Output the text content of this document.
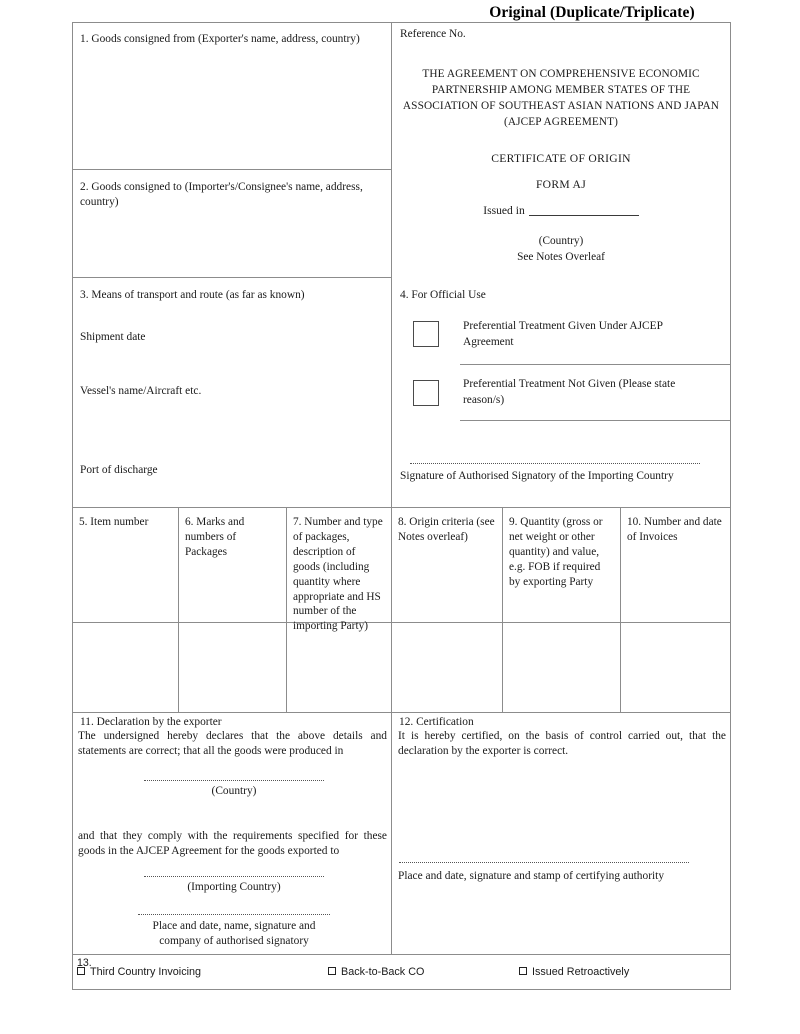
Original (Duplicate/Triplicate)
1. Goods consigned from (Exporter's name, address, country)
2. Goods consigned to (Importer's/Consignee's name, address, country)
3. Means of transport and route (as far as known)
Shipment date
Vessel's name/Aircraft etc.
Port of discharge
Reference No.
THE AGREEMENT ON COMPREHENSIVE ECONOMIC PARTNERSHIP AMONG MEMBER STATES OF THE ASSOCIATION OF SOUTHEAST ASIAN NATIONS AND JAPAN (AJCEP AGREEMENT)
CERTIFICATE OF ORIGIN
FORM AJ
Issued in
(Country)
See Notes Overleaf
4. For Official Use
Preferential Treatment Given Under AJCEP Agreement
Preferential Treatment Not Given (Please state reason/s)
Signature of Authorised Signatory of the Importing Country
5. Item number	6. Marks and numbers of Packages
7. Number and type of packages, description of goods (including quantity where appropriate and HS number of the importing Party)
8. Origin criteria (see Notes overleaf)
9. Quantity (gross or net weight or other quantity) and value, e.g. FOB if required by exporting Party
10. Number and date of Invoices
11. Declaration by the exporter
The undersigned hereby declares that the above details and statements are correct; that all the goods were produced in
(Country)
and that they comply with the requirements specified for these goods in the AJCEP Agreement for the goods exported to
(Importing Country)
Place and date, name, signature and
company of authorised signatory
12. Certification
It is hereby certified, on the basis of control carried out, that the declaration by the exporter is correct.
Place and date, signature and stamp of certifying authority
13.
Third Country Invoicing	Back-to-Back CO	Issued Retroactively
